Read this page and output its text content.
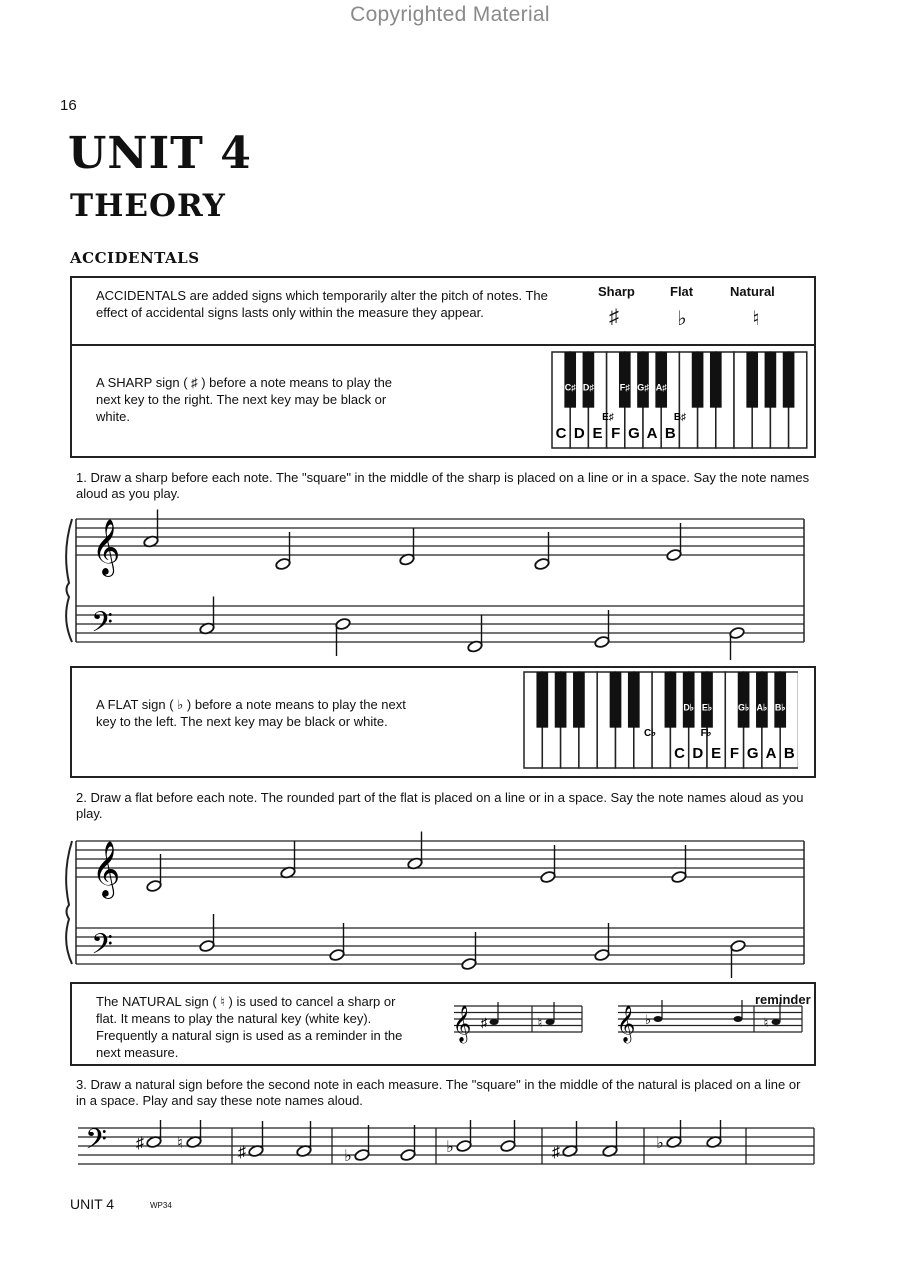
Copyrighted Material
16
UNIT 4
THEORY
ACCIDENTALS
ACCIDENTALS are added signs which temporarily alter the pitch of notes. The effect of accidental signs lasts only within the measure they appear.
Sharp	Flat	Natural
♯	♭	♮
A SHARP sign ( ♯ ) before a note means to play the next key to the right. The next key may be black or white.
C D E F G A B
C♯ D♯	F♯ G♯ A♯
E♯	B♯
1. Draw a sharp before each note. The "square" in the middle of the sharp is placed on a line or in a space. Say the note names aloud as you play.
𝄞
𝄢
A FLAT sign ( ♭ ) before a note means to play the next key to the left. The next key may be black or white.
C D E F G A B
D♭ E♭	G♭ A♭ B♭
C♭	F♭
2. Draw a flat before each note. The rounded part of the flat is placed on a line or in a space. Say the note names aloud as you play.
𝄞
𝄢
The NATURAL sign ( ♮ ) is used to cancel a sharp or flat. It means to play the natural key (white key). Frequently a natural sign is used as a reminder in the next measure.
reminder
𝄞	𝄞
♯	♮	♭	♮
3. Draw a natural sign before the second note in each measure. The "square" in the middle of the natural is placed on a line or in a space. Play and say these note names aloud.
𝄢 ♯ ♮
♯	♭
♭	♯
♭
UNIT 4	WP34
